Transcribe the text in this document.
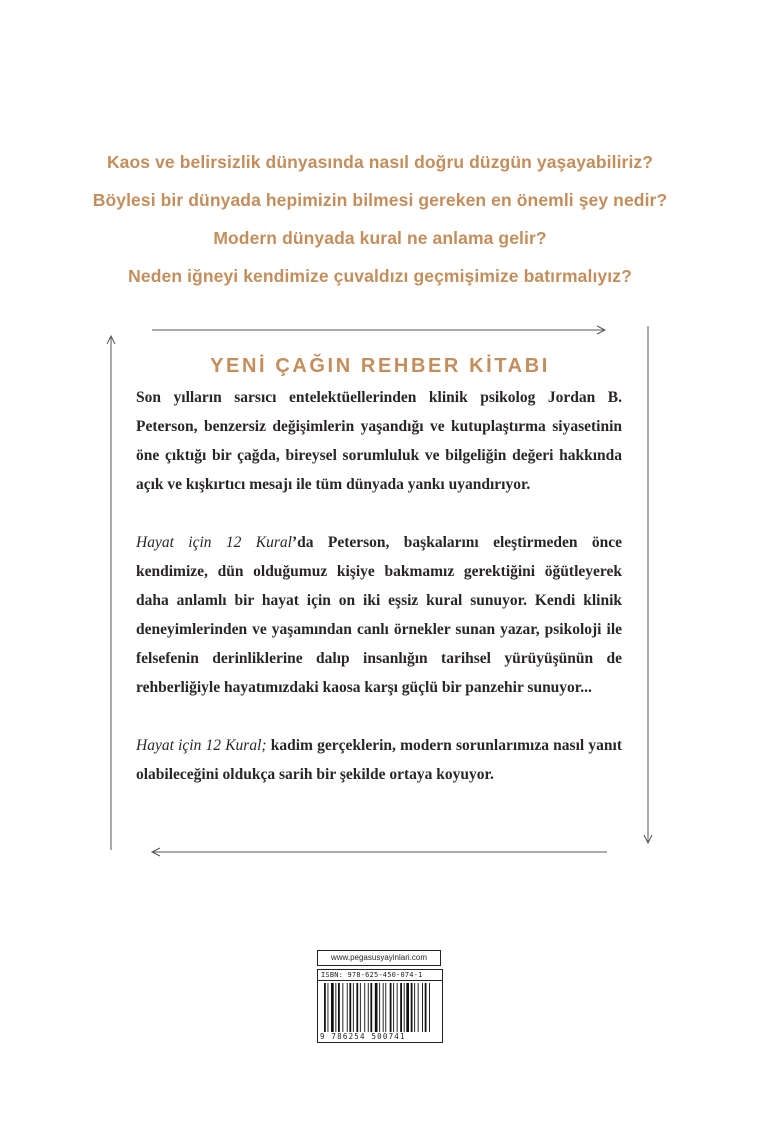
Kaos ve belirsizlik dünyasında nasıl doğru düzgün yaşayabiliriz?
Böylesi bir dünyada hepimizin bilmesi gereken en önemli şey nedir?
Modern dünyada kural ne anlama gelir?
Neden iğneyi kendimize çuvaldızı geçmişimize batırmalıyız?
YENİ ÇAĞIN REHBER KİTABI

Son yılların sarsıcı entelektüellerinden klinik psikolog Jordan B. Peterson, benzersiz değişimlerin yaşandığı ve kutuplaştırma siyasetinin öne çıktığı bir çağda, bireysel sorumluluk ve bilgeliğin değeri hakkında açık ve kışkırtıcı mesajı ile tüm dünyada yankı uyandırıyor.

Hayat için 12 Kural’da Peterson, başkalarını eleştirmeden önce kendimize, dün olduğumuz kişiye bakmamız gerektiğini öğütleyerek daha anlamlı bir hayat için on iki eşsiz kural sunuyor. Kendi klinik deneyimlerinden ve yaşamından canlı örnekler sunan yazar, psikoloji ile felsefenin derinliklerine dalıp insanlığın tarihsel yürüyüşünün de rehberliğiyle hayatımızdaki kaosa karşı güçlü bir panzehir sunuyor...

Hayat için 12 Kural; kadim gerçeklerin, modern sorunlarımıza nasıl yanıt olabileceğini oldukça sarih bir şekilde ortaya koyuyor.

www.pegasusyayinlari.com
ISBN: 978-625-450-074-1
9 786254 500741
